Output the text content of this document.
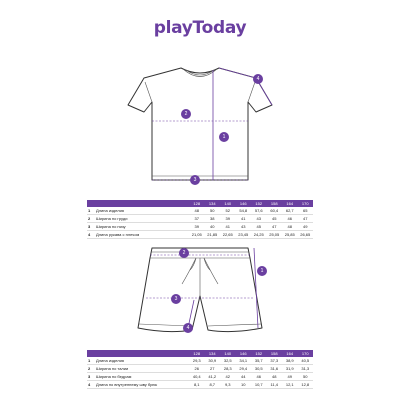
playToday
1
2
3
4
		128	134	140	146	152	158	164	170
1	Длина изделия	48	50	52	54,8	57,6	60,4	62,7	65
2	Ширина по груди	37	38	39	41	43	45	46	47
3	Ширина по низу	39	40	41	43	45	47	48	49
4	Длина рукава с плечом	21,05	21,85	22,65	23,45	24,25	25,05	25,85	26,65
1
2
3
4
		128	134	140	146	152	158	164	170
1	Длина изделия	29,3	30,9	32,5	34,1	35,7	37,3	38,9	40,5
2	Ширина по талии	26	27	28,3	29,4	30,5	31,6	31,9	31,3
3	Ширина по бедрам	40,4	41,2	42	44	46	48	49	50
4	Длина по внутреннему шву брюк	8,1	8,7	9,3	10	10,7	11,4	12,1	12,8
